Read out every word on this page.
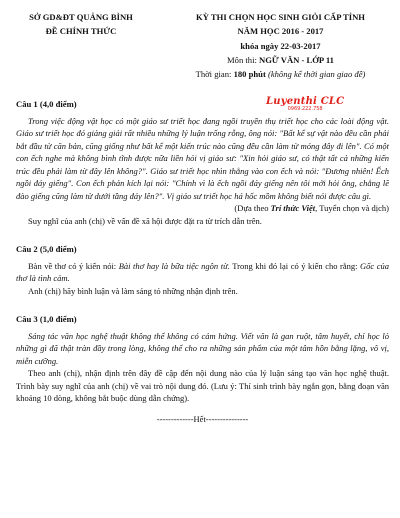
SỞ GD&ĐT QUẢNG BÌNH
ĐỀ CHÍNH THỨC
KỲ THI CHỌN HỌC SINH GIỎI CẤP TỈNH
NĂM HỌC 2016 - 2017
khóa ngày 22-03-2017
Môn thi: NGỮ VĂN - LỚP 11
Thời gian: 180 phút (không kể thời gian giao đề)
Luyenthi CLC
0969.222.758
Câu 1 (4,0 điểm)

Trong việc động vật học có một giáo sư triết học đang ngồi truyền thụ triết học cho các loài động vật. Giáo sư triết học đó giảng giải rất nhiều những lý luận trống rỗng, ông nói: "Bất kể sự vật nào đều cần phải bắt đầu từ căn bản, cũng giống như bất kể một kiến trúc nào cũng đều cần làm từ móng đây đi lên". Có một con ếch nghe mà không bình tĩnh được nữa liền hỏi vị giáo sư: "Xin hỏi giáo sư, có thật tất cả những kiến trúc đều phải làm từ đây lên không?". Giáo sư triết học nhìn thẳng vào con ếch và nói: "Đương nhiên! Ếch ngồi đáy giếng". Con ếch phản kích lại nói: "Chính vì là ếch ngồi đáy giếng nên tôi mới hỏi ông, chẳng lẽ đào giếng cũng làm từ dưới tầng đáy lên?". Vị giáo sư triết học há hốc mồm không biết nói được câu gì.

(Dựa theo Trí thức Việt, Tuyển chọn và dịch)

Suy nghĩ của anh (chị) về vấn đề xã hội được đặt ra từ trích dẫn trên.

Câu 2 (5,0 điểm)

Bàn về thơ có ý kiến nói: Bài thơ hay là bữa tiệc ngôn từ. Trong khi đó lại có ý kiến cho rằng: Gốc của thơ là tình cảm.

Anh (chị) hãy bình luận và làm sáng tỏ những nhận định trên.

Câu 3 (1,0 điểm)

Sáng tác văn học nghệ thuật không thể không có cảm hứng. Viết văn là gan ruột, tâm huyết, chỉ học lỏ những gì đã thật tràn đầy trong lòng, không thể cho ra những sản phẩm của một tâm hồn bằng lặng, vô vị, miễn cưỡng.

Theo anh (chị), nhận định trên đây đề cập đến nội dung nào của lý luận sáng tạo văn học nghệ thuật. Trình bày suy nghĩ của anh (chị) về vai trò nội dung đó. (Lưu ý: Thí sinh trình bày ngắn gọn, bằng đoạn văn khoảng 10 dòng, không bắt buộc dùng dẫn chứng).

-------------Hết---------------
